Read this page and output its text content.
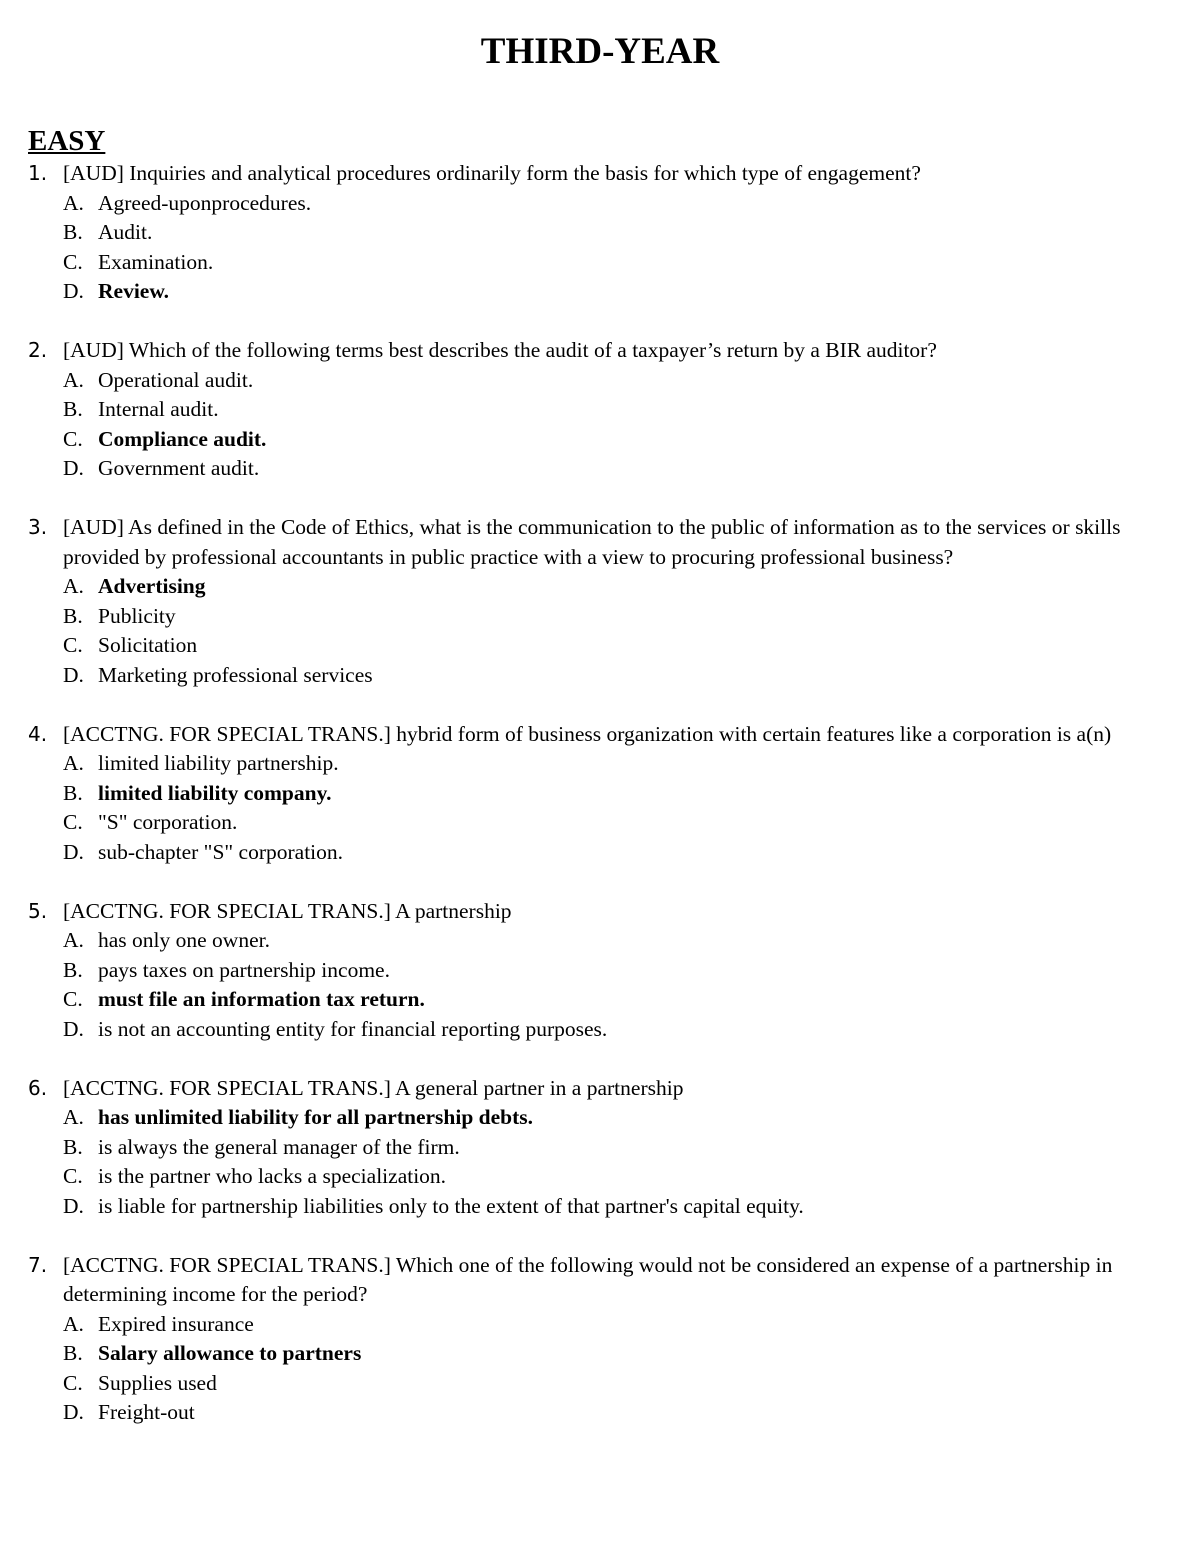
THIRD-YEAR
EASY
1. [AUD] Inquiries and analytical procedures ordinarily form the basis for which type of engagement?
A. Agreed-uponprocedures.
B. Audit.
C. Examination.
D. Review.
2. [AUD] Which of the following terms best describes the audit of a taxpayer’s return by a BIR auditor?
A. Operational audit.
B. Internal audit.
C. Compliance audit.
D. Government audit.
3. [AUD] As defined in the Code of Ethics, what is the communication to the public of information as to the services or skills provided by professional accountants in public practice with a view to procuring professional business?
A. Advertising
B. Publicity
C. Solicitation
D. Marketing professional services
4. [ACCTNG. FOR SPECIAL TRANS.] hybrid form of business organization with certain features like a corporation is a(n)
A. limited liability partnership.
B. limited liability company.
C. "S" corporation.
D. sub-chapter "S" corporation.
5. [ACCTNG. FOR SPECIAL TRANS.] A partnership
A. has only one owner.
B. pays taxes on partnership income.
C. must file an information tax return.
D. is not an accounting entity for financial reporting purposes.
6. [ACCTNG. FOR SPECIAL TRANS.] A general partner in a partnership
A. has unlimited liability for all partnership debts.
B. is always the general manager of the firm.
C. is the partner who lacks a specialization.
D. is liable for partnership liabilities only to the extent of that partner's capital equity.
7. [ACCTNG. FOR SPECIAL TRANS.] Which one of the following would not be considered an expense of a partnership in determining income for the period?
A. Expired insurance
B. Salary allowance to partners
C. Supplies used
D. Freight-out
